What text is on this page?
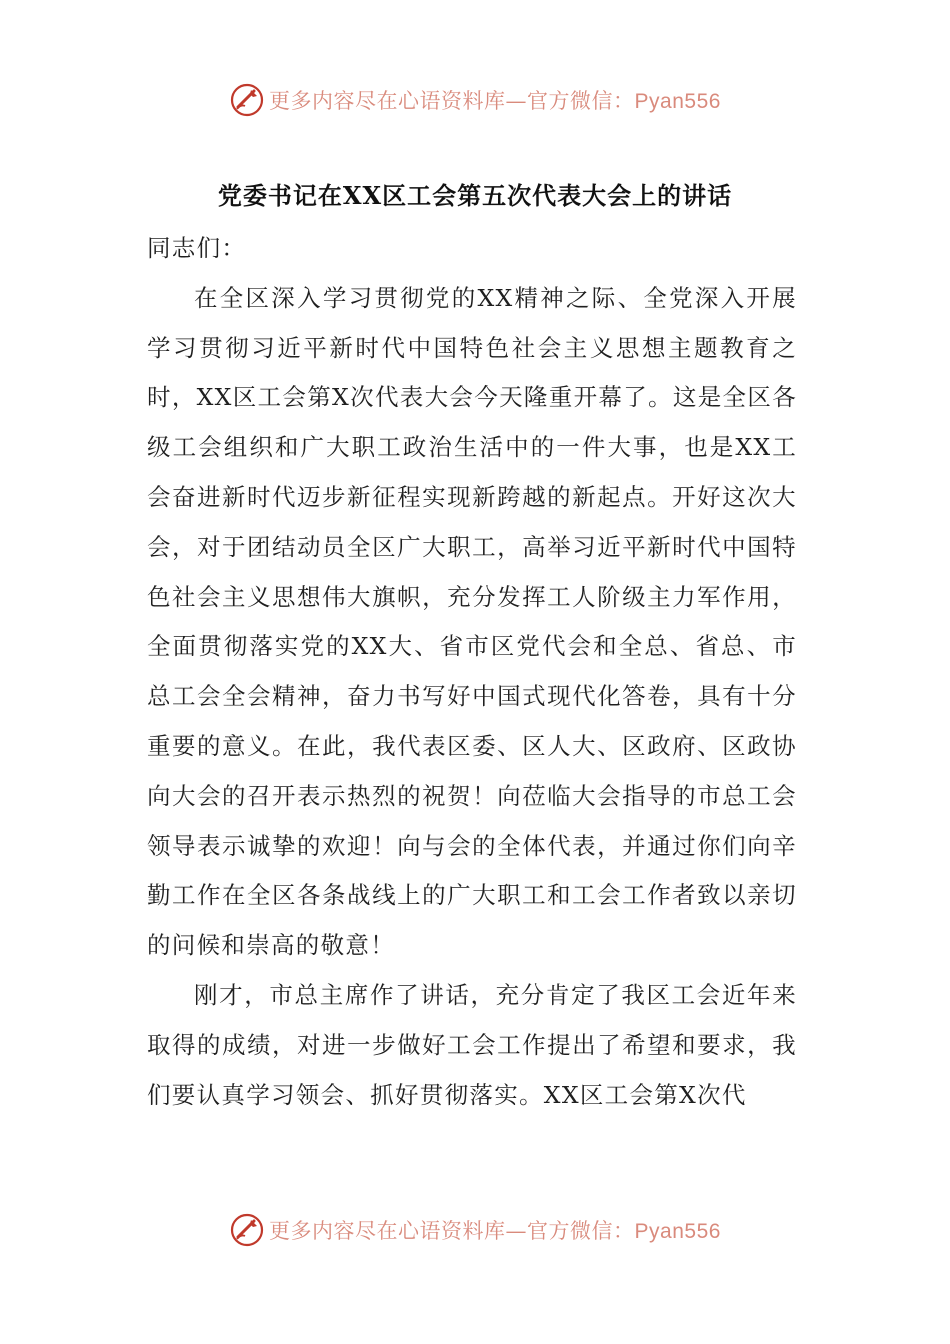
更多内容尽在心语资料库—官方微信：Pyan556
党委书记在XX区工会第五次代表大会上的讲话

同志们：

在全区深入学习贯彻党的XX精神之际、全党深入开展学习贯彻习近平新时代中国特色社会主义思想主题教育之时，XX区工会第X次代表大会今天隆重开幕了。这是全区各级工会组织和广大职工政治生活中的一件大事，也是XX工会奋进新时代迈步新征程实现新跨越的新起点。开好这次大会，对于团结动员全区广大职工，高举习近平新时代中国特色社会主义思想伟大旗帜，充分发挥工人阶级主力军作用，全面贯彻落实党的XX大、省市区党代会和全总、省总、市总工会全会精神，奋力书写好中国式现代化答卷，具有十分重要的意义。在此，我代表区委、区人大、区政府、区政协向大会的召开表示热烈的祝贺！向莅临大会指导的市总工会领导表示诚挚的欢迎！向与会的全体代表，并通过你们向辛勤工作在全区各条战线上的广大职工和工会工作者致以亲切的问候和崇高的敬意！

刚才，市总主席作了讲话，充分肯定了我区工会近年来取得的成绩，对进一步做好工会工作提出了希望和要求，我们要认真学习领会、抓好贯彻落实。XX区工会第X次代

更多内容尽在心语资料库—官方微信：Pyan556
